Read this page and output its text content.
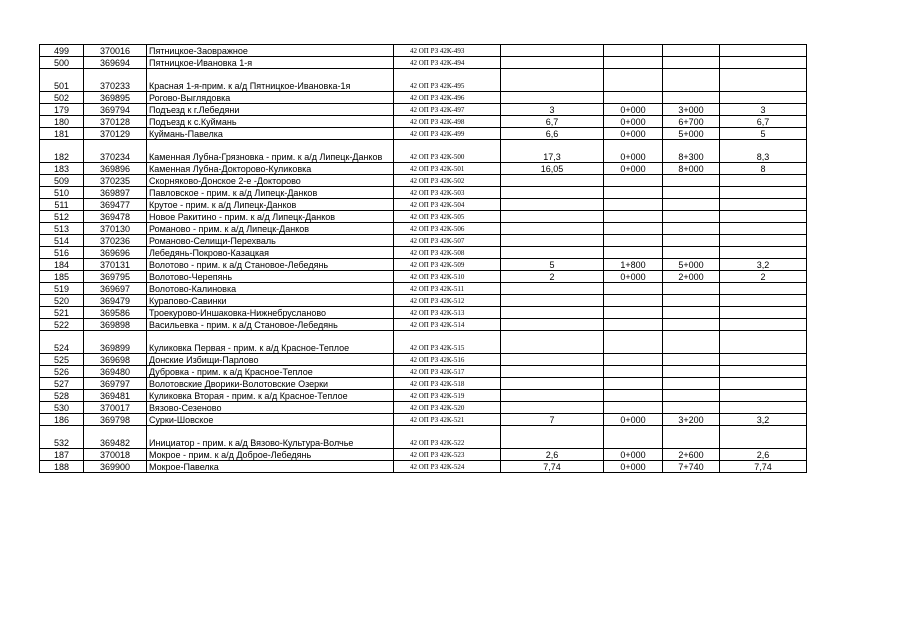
499	370016	Пятницкое-Заовражное	42 ОП РЗ 42К-493				
500	369694	Пятницкое-Ивановка 1-я	42 ОП РЗ 42К-494				
501	370233	Красная 1-я-прим. к а/д Пятницкое-Ивановка-1я	42 ОП РЗ 42К-495				
502	369895	Рогово-Выглядовка	42 ОП РЗ 42К-496				
179	369794	Подъезд к г.Лебедяни	42 ОП РЗ 42К-497	3	0+000	3+000	3
180	370128	Подъезд к с.Куймань	42 ОП РЗ 42К-498	6,7	0+000	6+700	6,7
181	370129	Куймань-Павелка	42 ОП РЗ 42К-499	6,6	0+000	5+000	5
182	370234	Каменная Лубна-Грязновка - прим. к а/д Липецк-Данков	42 ОП РЗ 42К-500	17,3	0+000	8+300	8,3
183	369896	Каменная Лубна-Докторово-Куликовка	42 ОП РЗ 42К-501	16,05	0+000	8+000	8
509	370235	Скорняково-Донское 2-е -Докторово	42 ОП РЗ 42К-502				
510	369897	Павловское - прим. к а/д Липецк-Данков	42 ОП РЗ 42К-503				
511	369477	Крутое - прим. к а/д Липецк-Данков	42 ОП РЗ 42К-504				
512	369478	Новое Ракитино - прим. к а/д Липецк-Данков	42 ОП РЗ 42К-505				
513	370130	Романово - прим. к а/д Липецк-Данков	42 ОП РЗ 42К-506				
514	370236	Романово-Селищи-Перехваль	42 ОП РЗ 42К-507				
516	369696	Лебедянь-Покрово-Казацкая	42 ОП РЗ 42К-508				
184	370131	Волотово - прим. к а/д Становое-Лебедянь	42 ОП РЗ 42К-509	5	1+800	5+000	3,2
185	369795	Волотово-Черепянь	42 ОП РЗ 42К-510	2	0+000	2+000	2
519	369697	Волотово-Калиновка	42 ОП РЗ 42К-511				
520	369479	Курапово-Савинки	42 ОП РЗ 42К-512				
521	369586	Троекурово-Иншаковка-Нижнебрусланово	42 ОП РЗ 42К-513				
522	369898	Васильевка - прим. к а/д Становое-Лебедянь	42 ОП РЗ 42К-514				
524	369899	Куликовка Первая - прим. к а/д Красное-Теплое	42 ОП РЗ 42К-515				
525	369698	Донские Избищи-Парлово	42 ОП РЗ 42К-516				
526	369480	Дубровка - прим. к а/д Красное-Теплое	42 ОП РЗ 42К-517				
527	369797	Волотовские Дворики-Волотовские Озерки	42 ОП РЗ 42К-518				
528	369481	Куликовка Вторая - прим. к а/д Красное-Теплое	42 ОП РЗ 42К-519				
530	370017	Вязово-Сезеново	42 ОП РЗ 42К-520				
186	369798	Сурки-Шовское	42 ОП РЗ 42К-521	7	0+000	3+200	3,2
532	369482	Инициатор - прим. к а/д Вязово-Культура-Волчье	42 ОП РЗ 42К-522				
187	370018	Мокрое - прим. к а/д Доброе-Лебедянь	42 ОП РЗ 42К-523	2,6	0+000	2+600	2,6
188	369900	Мокрое-Павелка	42 ОП РЗ 42К-524	7,74	0+000	7+740	7,74
